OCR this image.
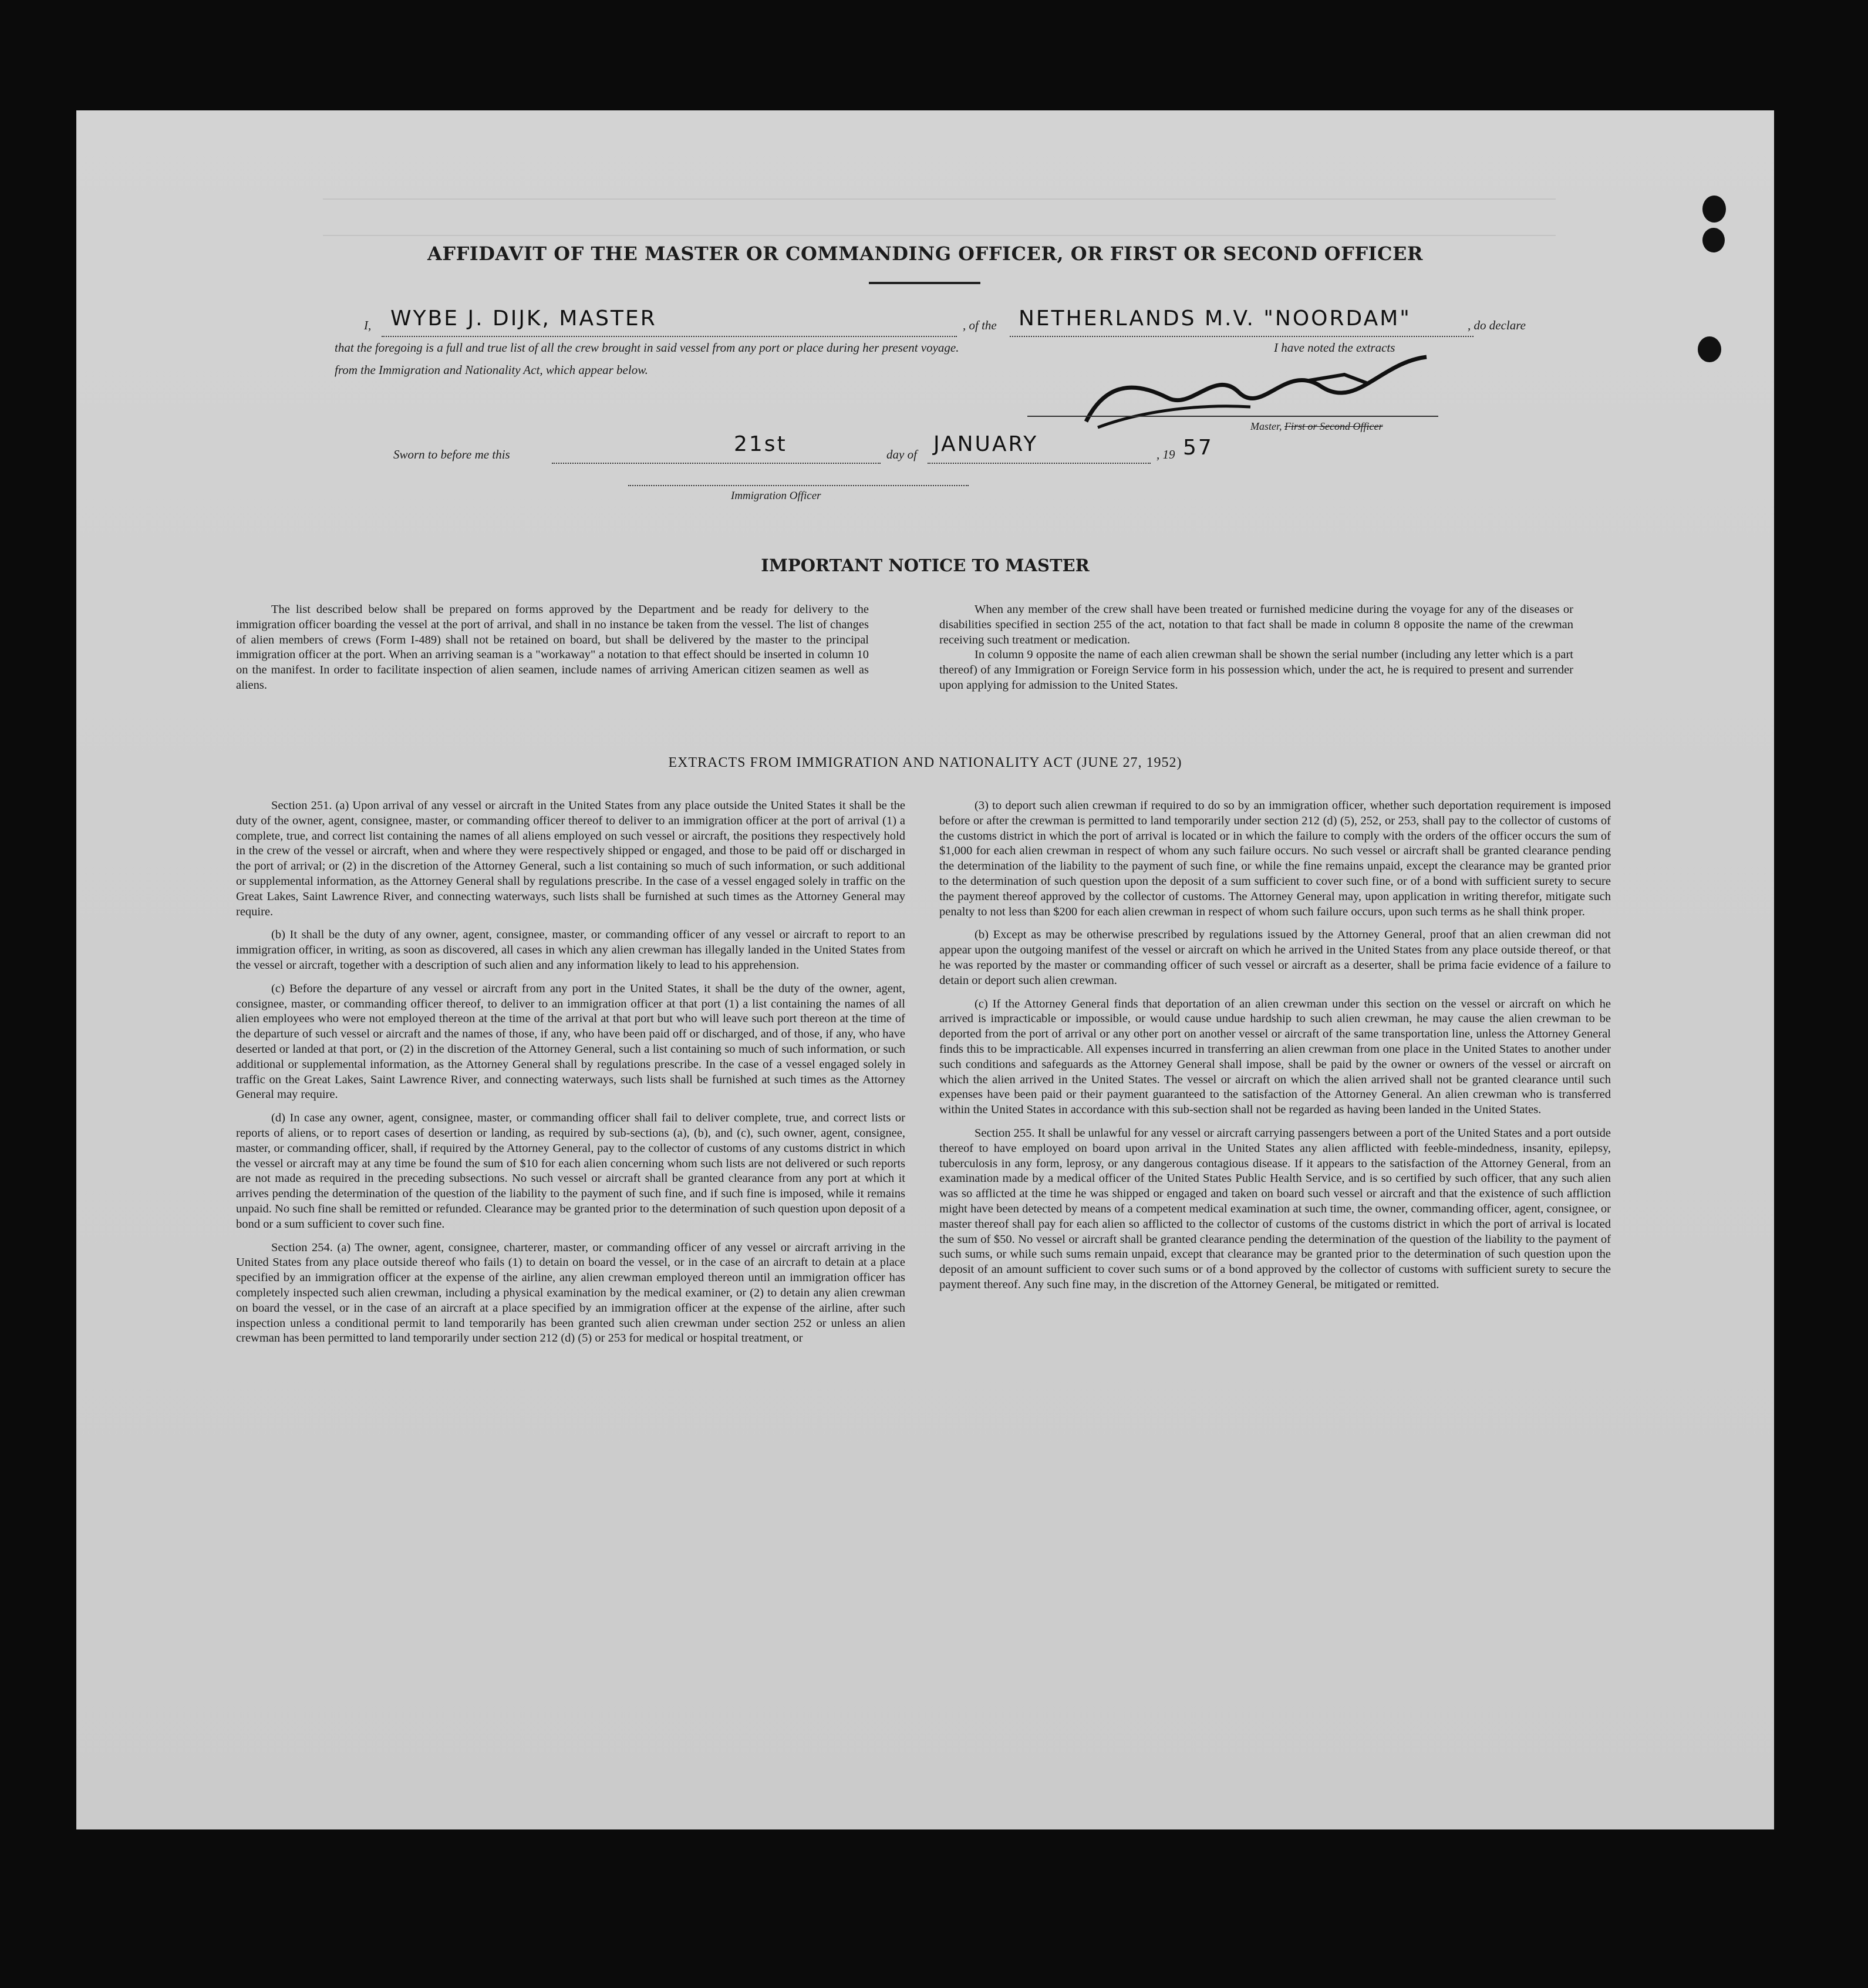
AFFIDAVIT OF THE MASTER OR COMMANDING OFFICER, OR FIRST OR SECOND OFFICER
I, WYBE J. DIJK, MASTER	, of the NETHERLANDS M.V. "NOORDAM"	, do declare
that the foregoing is a full and true list of all the crew brought in said vessel from any port or place during her present voyage.	I have noted the extracts
from the Immigration and Nationality Act, which appear below.
Master, First or Second Officer
Sworn to before me this	21st	day of JANUARY	, 19 57
Immigration Officer
IMPORTANT NOTICE TO MASTER

The list described below shall be prepared on forms approved by the Department and be ready for delivery to the immigration officer boarding the vessel at the port of arrival, and shall in no instance be taken from the vessel. The list of changes of alien members of crews (Form I-489) shall not be retained on board, but shall be delivered by the master to the principal immigration officer at the port. When an arriving seaman is a "workaway" a notation to that effect should be inserted in column 10 on the manifest. In order to facilitate inspection of alien seamen, include names of arriving American citizen seamen as well as aliens.

When any member of the crew shall have been treated or furnished medicine during the voyage for any of the diseases or disabilities specified in section 255 of the act, notation to that fact shall be made in column 8 opposite the name of the crewman receiving such treatment or medication.

In column 9 opposite the name of each alien crewman shall be shown the serial number (including any letter which is a part thereof) of any Immigration or Foreign Service form in his possession which, under the act, he is required to present and surrender upon applying for admission to the United States.

EXTRACTS FROM IMMIGRATION AND NATIONALITY ACT (JUNE 27, 1952)

Section 251. (a) Upon arrival of any vessel or aircraft in the United States from any place outside the United States it shall be the duty of the owner, agent, consignee, master, or commanding officer thereof to deliver to an immigration officer at the port of arrival (1) a complete, true, and correct list containing the names of all aliens employed on such vessel or aircraft, the positions they respectively hold in the crew of the vessel or aircraft, when and where they were respectively shipped or engaged, and those to be paid off or discharged in the port of arrival; or (2) in the discretion of the Attorney General, such a list containing so much of such information, or such additional or supplemental information, as the Attorney General shall by regulations prescribe. In the case of a vessel engaged solely in traffic on the Great Lakes, Saint Lawrence River, and connecting waterways, such lists shall be furnished at such times as the Attorney General may require.

(b) It shall be the duty of any owner, agent, consignee, master, or commanding officer of any vessel or aircraft to report to an immigration officer, in writing, as soon as discovered, all cases in which any alien crewman has illegally landed in the United States from the vessel or aircraft, together with a description of such alien and any information likely to lead to his apprehension.

(c) Before the departure of any vessel or aircraft from any port in the United States, it shall be the duty of the owner, agent, consignee, master, or commanding officer thereof, to deliver to an immigration officer at that port (1) a list containing the names of all alien employees who were not employed thereon at the time of the arrival at that port but who will leave such port thereon at the time of the departure of such vessel or aircraft and the names of those, if any, who have been paid off or discharged, and of those, if any, who have deserted or landed at that port, or (2) in the discretion of the Attorney General, such a list containing so much of such information, or such additional or supplemental information, as the Attorney General shall by regulations prescribe. In the case of a vessel engaged solely in traffic on the Great Lakes, Saint Lawrence River, and connecting waterways, such lists shall be furnished at such times as the Attorney General may require.

(d) In case any owner, agent, consignee, master, or commanding officer shall fail to deliver complete, true, and correct lists or reports of aliens, or to report cases of desertion or landing, as required by sub-sections (a), (b), and (c), such owner, agent, consignee, master, or commanding officer, shall, if required by the Attorney General, pay to the collector of customs of any customs district in which the vessel or aircraft may at any time be found the sum of $10 for each alien concerning whom such lists are not delivered or such reports are not made as required in the preceding subsections. No such vessel or aircraft shall be granted clearance from any port at which it arrives pending the determination of the question of the liability to the payment of such fine, and if such fine is imposed, while it remains unpaid. No such fine shall be remitted or refunded. Clearance may be granted prior to the determination of such question upon deposit of a bond or a sum sufficient to cover such fine.

Section 254. (a) The owner, agent, consignee, charterer, master, or commanding officer of any vessel or aircraft arriving in the United States from any place outside thereof who fails (1) to detain on board the vessel, or in the case of an aircraft to detain at a place specified by an immigration officer at the expense of the airline, any alien crewman employed thereon until an immigration officer has completely inspected such alien crewman, including a physical examination by the medical examiner, or (2) to detain any alien crewman on board the vessel, or in the case of an aircraft at a place specified by an immigration officer at the expense of the airline, after such inspection unless a conditional permit to land temporarily has been granted such alien crewman under section 252 or unless an alien crewman has been permitted to land temporarily under section 212 (d) (5) or 253 for medical or hospital treatment, or

(3) to deport such alien crewman if required to do so by an immigration officer, whether such deportation requirement is imposed before or after the crewman is permitted to land temporarily under section 212 (d) (5), 252, or 253, shall pay to the collector of customs of the customs district in which the port of arrival is located or in which the failure to comply with the orders of the officer occurs the sum of $1,000 for each alien crewman in respect of whom any such failure occurs. No such vessel or aircraft shall be granted clearance pending the determination of the liability to the payment of such fine, or while the fine remains unpaid, except the clearance may be granted prior to the determination of such question upon the deposit of a sum sufficient to cover such fine, or of a bond with sufficient surety to secure the payment thereof approved by the collector of customs. The Attorney General may, upon application in writing therefor, mitigate such penalty to not less than $200 for each alien crewman in respect of whom such failure occurs, upon such terms as he shall think proper.

(b) Except as may be otherwise prescribed by regulations issued by the Attorney General, proof that an alien crewman did not appear upon the outgoing manifest of the vessel or aircraft on which he arrived in the United States from any place outside thereof, or that he was reported by the master or commanding officer of such vessel or aircraft as a deserter, shall be prima facie evidence of a failure to detain or deport such alien crewman.

(c) If the Attorney General finds that deportation of an alien crewman under this section on the vessel or aircraft on which he arrived is impracticable or impossible, or would cause undue hardship to such alien crewman, he may cause the alien crewman to be deported from the port of arrival or any other port on another vessel or aircraft of the same transportation line, unless the Attorney General finds this to be impracticable. All expenses incurred in transferring an alien crewman from one place in the United States to another under such conditions and safeguards as the Attorney General shall impose, shall be paid by the owner or owners of the vessel or aircraft on which the alien arrived in the United States. The vessel or aircraft on which the alien arrived shall not be granted clearance until such expenses have been paid or their payment guaranteed to the satisfaction of the Attorney General. An alien crewman who is transferred within the United States in accordance with this sub-section shall not be regarded as having been landed in the United States.

Section 255. It shall be unlawful for any vessel or aircraft carrying passengers between a port of the United States and a port outside thereof to have employed on board upon arrival in the United States any alien afflicted with feeble-mindedness, insanity, epilepsy, tuberculosis in any form, leprosy, or any dangerous contagious disease. If it appears to the satisfaction of the Attorney General, from an examination made by a medical officer of the United States Public Health Service, and is so certified by such officer, that any such alien was so afflicted at the time he was shipped or engaged and taken on board such vessel or aircraft and that the existence of such affliction might have been detected by means of a competent medical examination at such time, the owner, commanding officer, agent, consignee, or master thereof shall pay for each alien so afflicted to the collector of customs of the customs district in which the port of arrival is located the sum of $50. No vessel or aircraft shall be granted clearance pending the determination of the question of the liability to the payment of such sums, or while such sums remain unpaid, except that clearance may be granted prior to the determination of such question upon the deposit of an amount sufficient to cover such sums or of a bond approved by the collector of customs with sufficient surety to secure the payment thereof. Any such fine may, in the discretion of the Attorney General, be mitigated or remitted.
